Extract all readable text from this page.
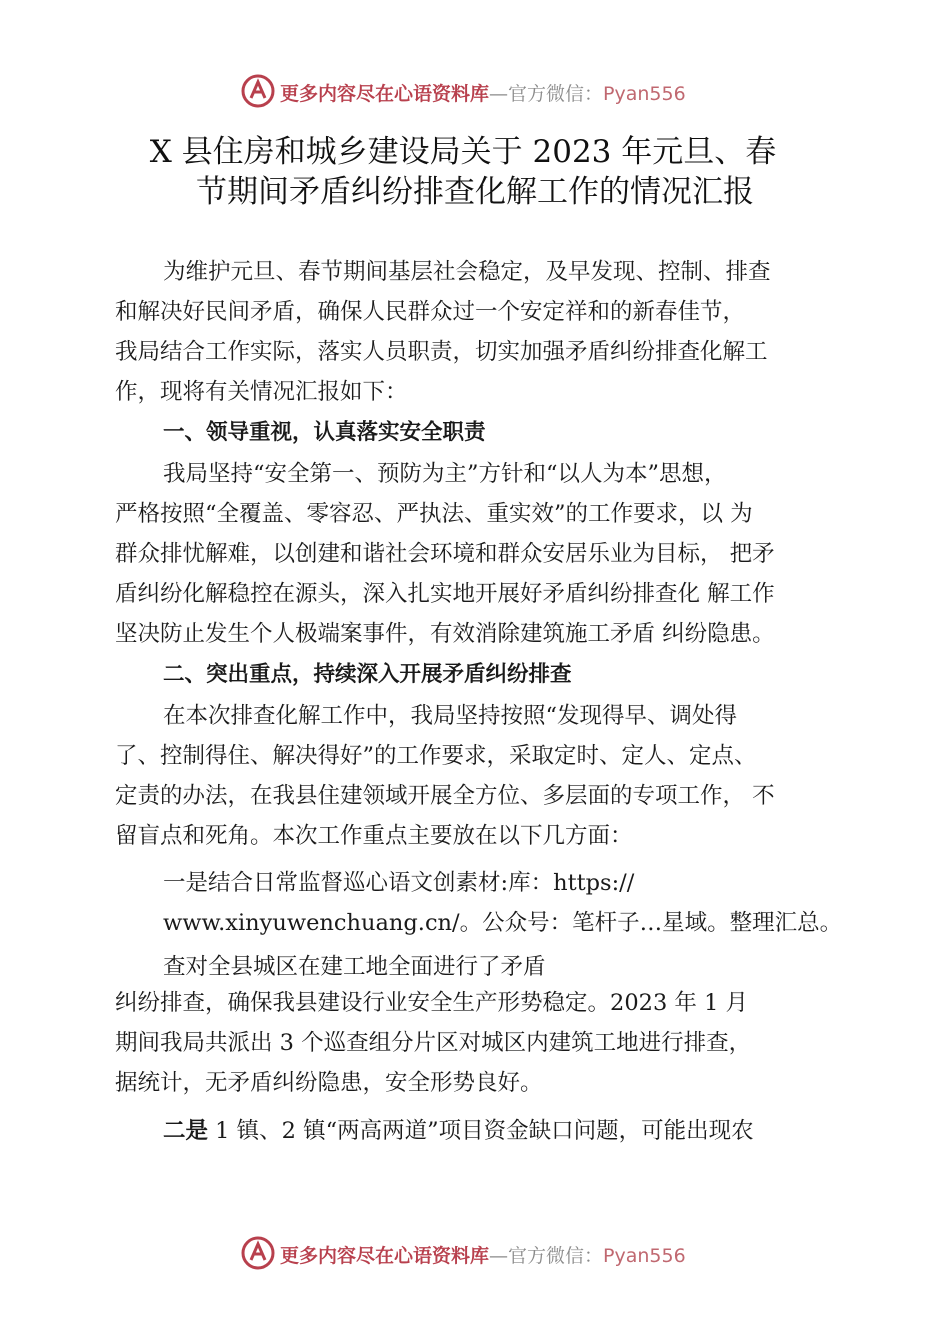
更多内容尽在心语资料库—官方微信：Pyan556
X 县住房和城乡建设局关于 2023 年元旦、春
节期间矛盾纠纷排查化解工作的情况汇报
为维护元旦、春节期间基层社会稳定，及早发现、控制、排查
和解决好民间矛盾，确保人民群众过一个安定祥和的新春佳节，
我局结合工作实际，落实人员职责，切实加强矛盾纠纷排查化解工
作，现将有关情况汇报如下：
一、领导重视，认真落实安全职责
我局坚持“安全第一、预防为主”方针和“以人为本”思想，
严格按照“全覆盖、零容忍、严执法、重实效”的工作要求，以 为
群众排忧解难，以创建和谐社会环境和群众安居乐业为目标， 把矛
盾纠纷化解稳控在源头，深入扎实地开展好矛盾纠纷排查化 解工作
坚决防止发生个人极端案事件，有效消除建筑施工矛盾 纠纷隐患。
二、突出重点，持续深入开展矛盾纠纷排查
在本次排查化解工作中，我局坚持按照“发现得早、调处得
了、控制得住、解决得好”的工作要求，采取定时、定人、定点、
定责的办法，在我县住建领域开展全方位、多层面的专项工作， 不
留盲点和死角。本次工作重点主要放在以下几方面：
一是结合日常监督巡心语文创素材:库：https://
www.xinyuwenchuang.cn/。公众号：笔杆子…星域。整理汇总。
查对全县城区在建工地全面进行了矛盾
纠纷排查，确保我县建设行业安全生产形势稳定。2023 年 1 月
期间我局共派出 3 个巡查组分片区对城区内建筑工地进行排查，
据统计，无矛盾纠纷隐患，安全形势良好。
二是 1 镇、2 镇“两高两道”项目资金缺口问题，可能出现农
更多内容尽在心语资料库—官方微信：Pyan556
